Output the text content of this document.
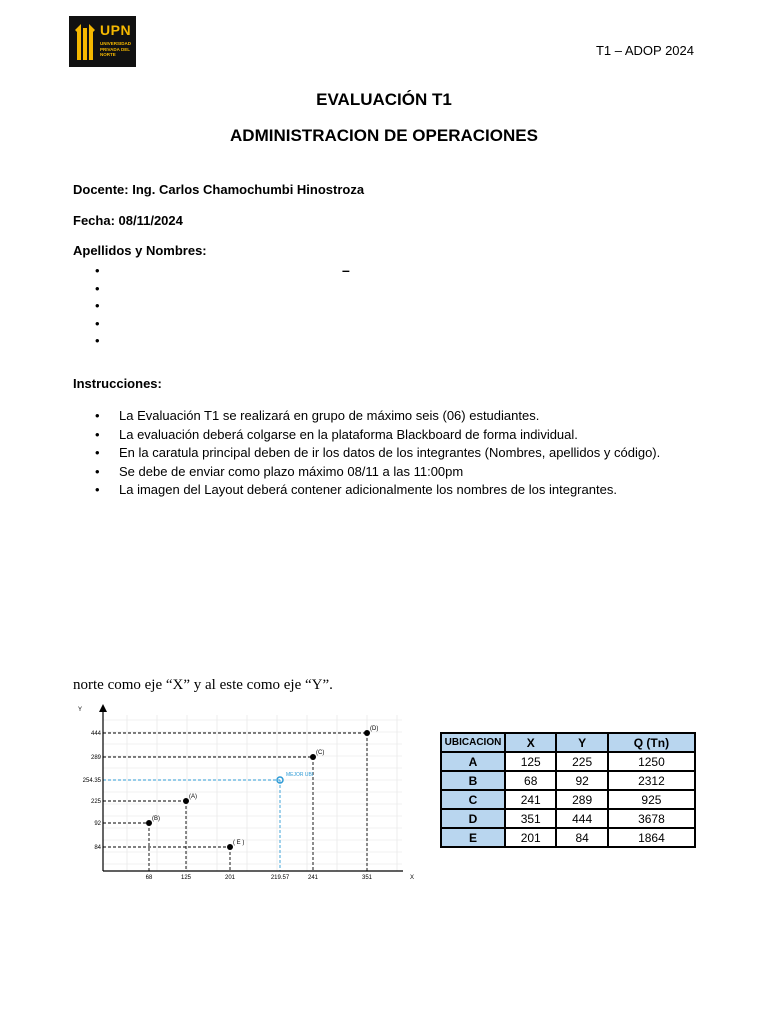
UPN
UNIVERSIDAD PRIVADA DEL NORTE	T1 – ADOP 2024
EVALUACIÓN T1
ADMINISTRACION DE OPERACIONES
Docente: Ing. Carlos Chamochumbi Hinostroza
Fecha: 08/11/2024
Apellidos y Nombres:
–
•
•
•
•
•
Instrucciones:
• La Evaluación T1 se realizará en grupo de máximo seis (06) estudiantes.
• La evaluación deberá colgarse en la plataforma Blackboard de forma individual.
• En la caratula principal deben de ir los datos de los integrantes (Nombres, apellidos y código).
• Se debe de enviar como plazo máximo 08/11 a las 11:00pm
• La imagen del Layout deberá contener adicionalmente los nombres de los integrantes.
norte como eje “X” y al este como eje “Y”.
Y
X
68	125	201	219.57	241	351
84
92
225
254.35
289
444
(A)
(B)
(C)
(D)
( E )
MEJOR UBI
UBICACION	X	Y	Q (Tn)
A	125	225	1250
B	68	92	2312
C	241	289	925
D	351	444	3678
E	201	84	1864
